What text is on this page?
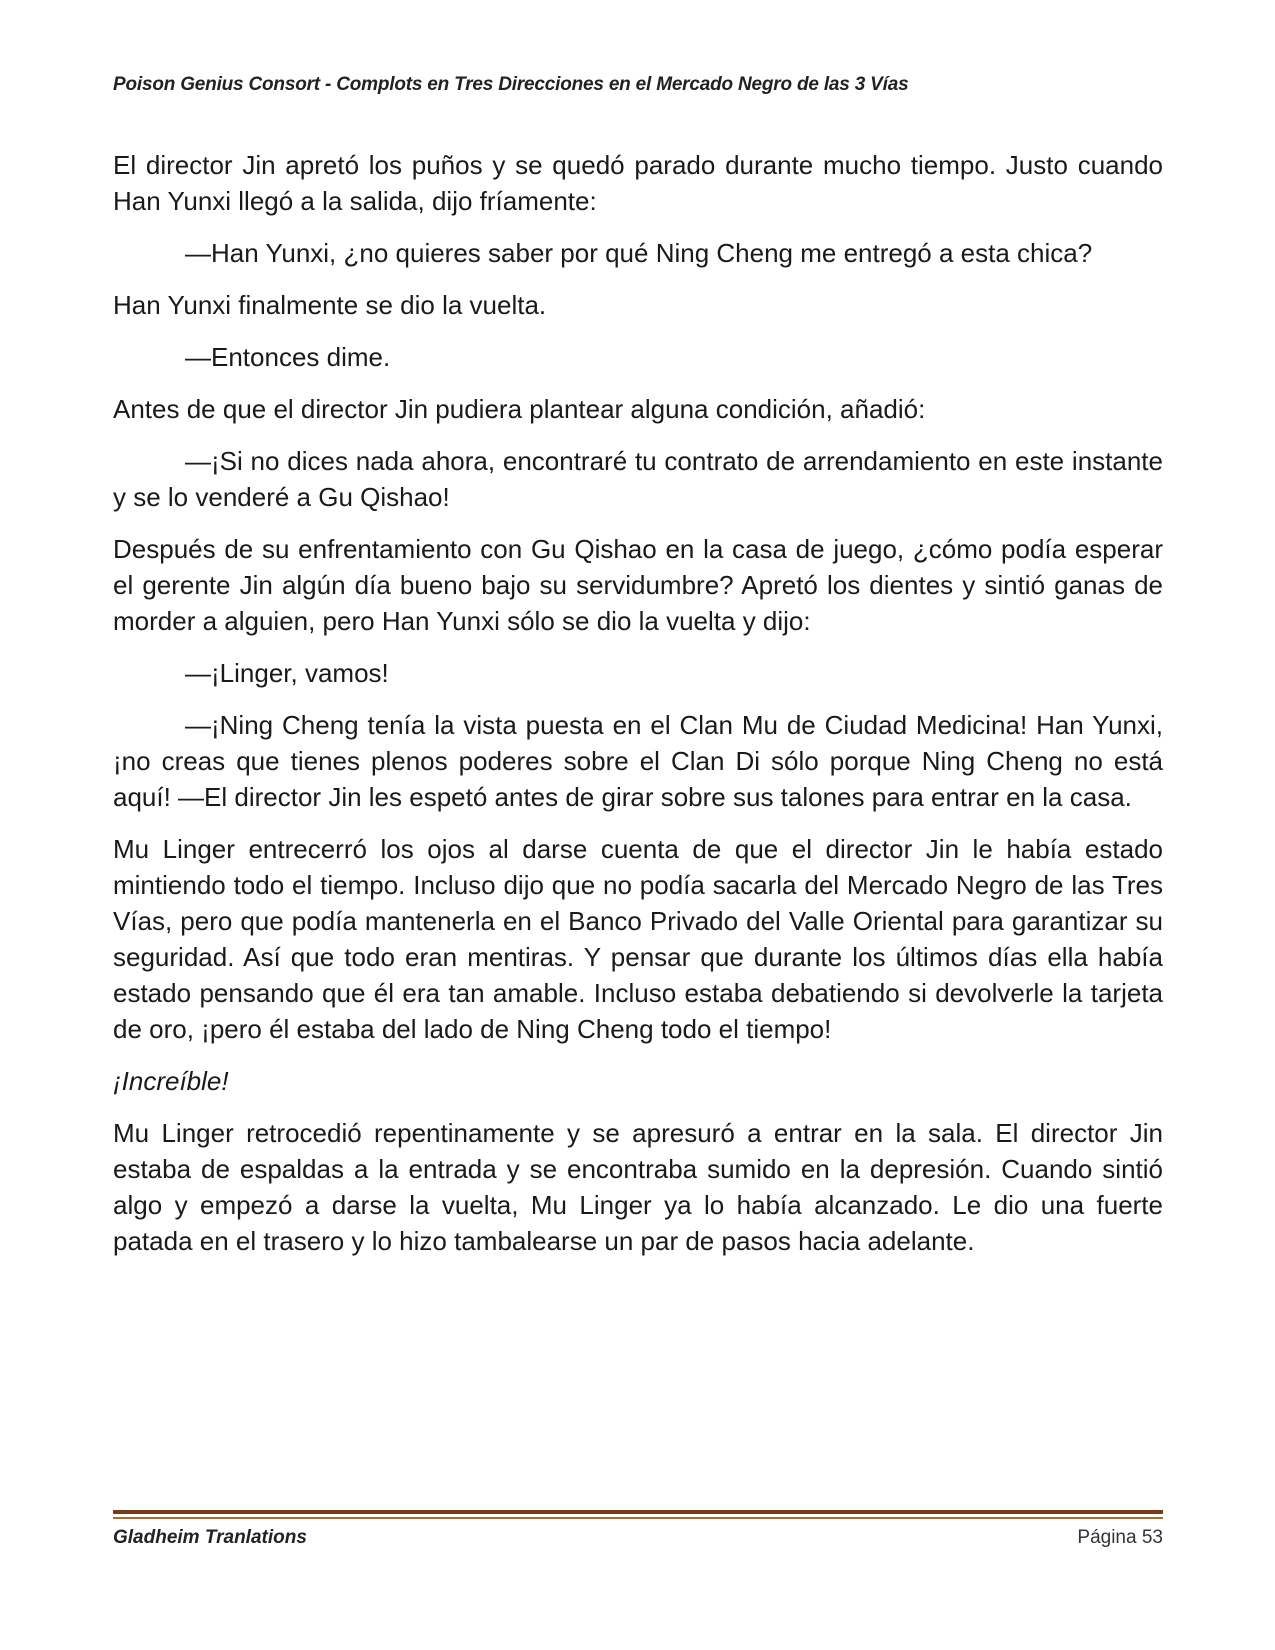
Poison Genius Consort - Complots en Tres Direcciones en el Mercado Negro de las 3 Vías

El director Jin apretó los puños y se quedó parado durante mucho tiempo. Justo cuando Han Yunxi llegó a la salida, dijo fríamente:

—Han Yunxi, ¿no quieres saber por qué Ning Cheng me entregó a esta chica?

Han Yunxi finalmente se dio la vuelta.

—Entonces dime.

Antes de que el director Jin pudiera plantear alguna condición, añadió:

—¡Si no dices nada ahora, encontraré tu contrato de arrendamiento en este instante y se lo venderé a Gu Qishao!

Después de su enfrentamiento con Gu Qishao en la casa de juego, ¿cómo podía esperar el gerente Jin algún día bueno bajo su servidumbre? Apretó los dientes y sintió ganas de morder a alguien, pero Han Yunxi sólo se dio la vuelta y dijo:

—¡Linger, vamos!

—¡Ning Cheng tenía la vista puesta en el Clan Mu de Ciudad Medicina! Han Yunxi, ¡no creas que tienes plenos poderes sobre el Clan Di sólo porque Ning Cheng no está aquí! —El director Jin les espetó antes de girar sobre sus talones para entrar en la casa.

Mu Linger entrecerró los ojos al darse cuenta de que el director Jin le había estado mintiendo todo el tiempo. Incluso dijo que no podía sacarla del Mercado Negro de las Tres Vías, pero que podía mantenerla en el Banco Privado del Valle Oriental para garantizar su seguridad. Así que todo eran mentiras. Y pensar que durante los últimos días ella había estado pensando que él era tan amable. Incluso estaba debatiendo si devolverle la tarjeta de oro, ¡pero él estaba del lado de Ning Cheng todo el tiempo!

¡Increíble!

Mu Linger retrocedió repentinamente y se apresuró a entrar en la sala. El director Jin estaba de espaldas a la entrada y se encontraba sumido en la depresión. Cuando sintió algo y empezó a darse la vuelta, Mu Linger ya lo había alcanzado. Le dio una fuerte patada en el trasero y lo hizo tambalearse un par de pasos hacia adelante.

Gladheim Tranlations	Página 53
